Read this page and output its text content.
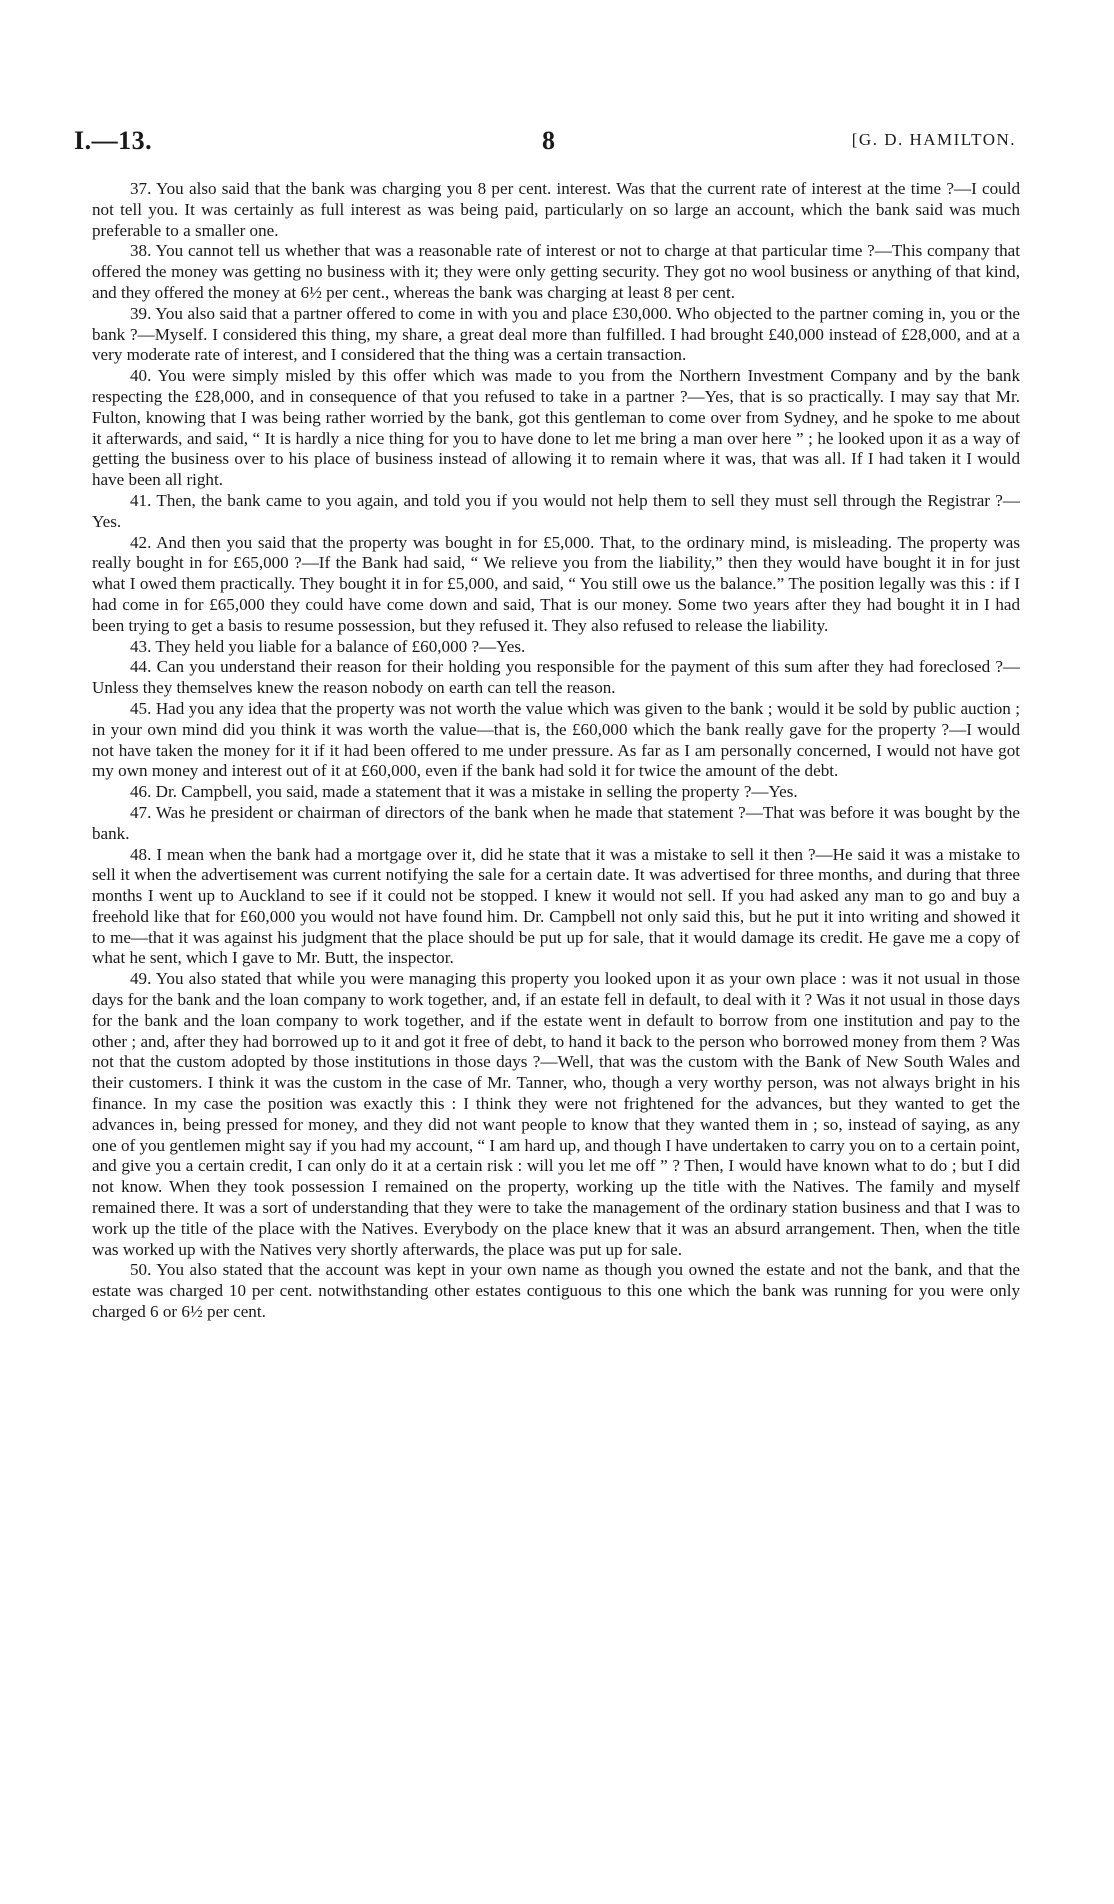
I.—13.	8	[G. D. HAMILTON.

37. You also said that the bank was charging you 8 per cent. interest. Was that the current rate of interest at the time ?—I could not tell you. It was certainly as full interest as was being paid, particularly on so large an account, which the bank said was much preferable to a smaller one.

38. You cannot tell us whether that was a reasonable rate of interest or not to charge at that particular time ?—This company that offered the money was getting no business with it; they were only getting security. They got no wool business or anything of that kind, and they offered the money at 6½ per cent., whereas the bank was charging at least 8 per cent.

39. You also said that a partner offered to come in with you and place £30,000. Who objected to the partner coming in, you or the bank ?—Myself. I considered this thing, my share, a great deal more than fulfilled. I had brought £40,000 instead of £28,000, and at a very moderate rate of interest, and I considered that the thing was a certain transaction.

40. You were simply misled by this offer which was made to you from the Northern Investment Company and by the bank respecting the £28,000, and in consequence of that you refused to take in a partner ?—Yes, that is so practically. I may say that Mr. Fulton, knowing that I was being rather worried by the bank, got this gentleman to come over from Sydney, and he spoke to me about it afterwards, and said, “ It is hardly a nice thing for you to have done to let me bring a man over here ” ; he looked upon it as a way of getting the business over to his place of business instead of allowing it to remain where it was, that was all. If I had taken it I would have been all right.

41. Then, the bank came to you again, and told you if you would not help them to sell they must sell through the Registrar ?—Yes.

42. And then you said that the property was bought in for £5,000. That, to the ordinary mind, is misleading. The property was really bought in for £65,000 ?—If the Bank had said, “ We relieve you from the liability,” then they would have bought it in for just what I owed them practically. They bought it in for £5,000, and said, “ You still owe us the balance.” The position legally was this : if I had come in for £65,000 they could have come down and said, That is our money. Some two years after they had bought it in I had been trying to get a basis to resume possession, but they refused it. They also refused to release the liability.

43. They held you liable for a balance of £60,000 ?—Yes.

44. Can you understand their reason for their holding you responsible for the payment of this sum after they had foreclosed ?—Unless they themselves knew the reason nobody on earth can tell the reason.

45. Had you any idea that the property was not worth the value which was given to the bank ; would it be sold by public auction ; in your own mind did you think it was worth the value—that is, the £60,000 which the bank really gave for the property ?—I would not have taken the money for it if it had been offered to me under pressure. As far as I am personally concerned, I would not have got my own money and interest out of it at £60,000, even if the bank had sold it for twice the amount of the debt.

46. Dr. Campbell, you said, made a statement that it was a mistake in selling the property ?—Yes.

47. Was he president or chairman of directors of the bank when he made that statement ?—That was before it was bought by the bank.

48. I mean when the bank had a mortgage over it, did he state that it was a mistake to sell it then ?—He said it was a mistake to sell it when the advertisement was current notifying the sale for a certain date. It was advertised for three months, and during that three months I went up to Auckland to see if it could not be stopped. I knew it would not sell. If you had asked any man to go and buy a freehold like that for £60,000 you would not have found him. Dr. Campbell not only said this, but he put it into writing and showed it to me—that it was against his judgment that the place should be put up for sale, that it would damage its credit. He gave me a copy of what he sent, which I gave to Mr. Butt, the inspector.

49. You also stated that while you were managing this property you looked upon it as your own place : was it not usual in those days for the bank and the loan company to work together, and, if an estate fell in default, to deal with it ? Was it not usual in those days for the bank and the loan company to work together, and if the estate went in default to borrow from one institution and pay to the other ; and, after they had borrowed up to it and got it free of debt, to hand it back to the person who borrowed money from them ? Was not that the custom adopted by those institutions in those days ?—Well, that was the custom with the Bank of New South Wales and their customers. I think it was the custom in the case of Mr. Tanner, who, though a very worthy person, was not always bright in his finance. In my case the position was exactly this : I think they were not frightened for the advances, but they wanted to get the advances in, being pressed for money, and they did not want people to know that they wanted them in ; so, instead of saying, as any one of you gentlemen might say if you had my account, “ I am hard up, and though I have undertaken to carry you on to a certain point, and give you a certain credit, I can only do it at a certain risk : will you let me off ” ? Then, I would have known what to do ; but I did not know. When they took possession I remained on the property, working up the title with the Natives. The family and myself remained there. It was a sort of understanding that they were to take the management of the ordinary station business and that I was to work up the title of the place with the Natives. Everybody on the place knew that it was an absurd arrangement. Then, when the title was worked up with the Natives very shortly afterwards, the place was put up for sale.

50. You also stated that the account was kept in your own name as though you owned the estate and not the bank, and that the estate was charged 10 per cent. notwithstanding other estates contiguous to this one which the bank was running for you were only charged 6 or 6½ per cent.
